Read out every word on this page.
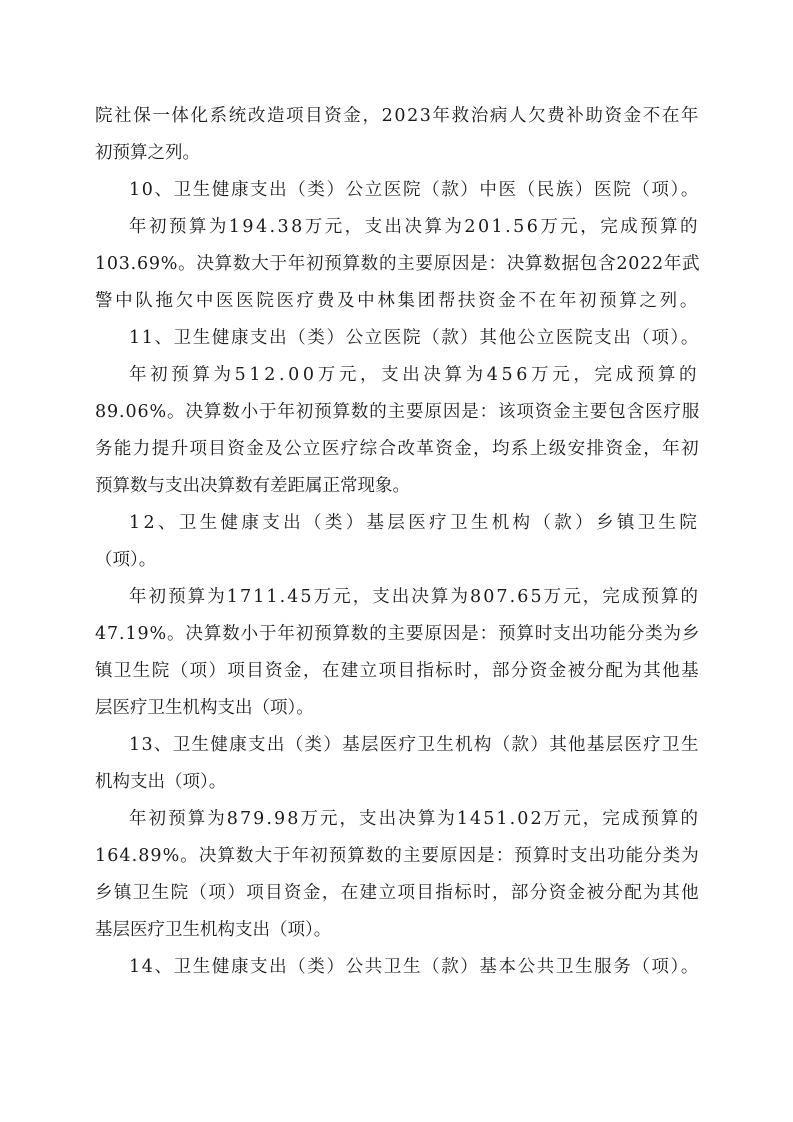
院社保一体化系统改造项目资金，2023年救治病人欠费补助资金不在年
初预算之列。
10、卫生健康支出（类）公立医院（款）中医（民族）医院（项）。
年初预算为194.38万元，支出决算为201.56万元，完成预算的
103.69%。决算数大于年初预算数的主要原因是：决算数据包含2022年武
警中队拖欠中医医院医疗费及中林集团帮扶资金不在年初预算之列。
11、卫生健康支出（类）公立医院（款）其他公立医院支出（项）。
年初预算为512.00万元，支出决算为456万元，完成预算的
89.06%。决算数小于年初预算数的主要原因是：该项资金主要包含医疗服
务能力提升项目资金及公立医疗综合改革资金，均系上级安排资金，年初
预算数与支出决算数有差距属正常现象。
12、卫生健康支出（类）基层医疗卫生机构（款）乡镇卫生院
（项）。
年初预算为1711.45万元，支出决算为807.65万元，完成预算的
47.19%。决算数小于年初预算数的主要原因是：预算时支出功能分类为乡
镇卫生院（项）项目资金，在建立项目指标时，部分资金被分配为其他基
层医疗卫生机构支出（项）。
13、卫生健康支出（类）基层医疗卫生机构（款）其他基层医疗卫生
机构支出（项）。
年初预算为879.98万元，支出决算为1451.02万元，完成预算的
164.89%。决算数大于年初预算数的主要原因是：预算时支出功能分类为
乡镇卫生院（项）项目资金，在建立项目指标时，部分资金被分配为其他
基层医疗卫生机构支出（项）。
14、卫生健康支出（类）公共卫生（款）基本公共卫生服务（项）。
